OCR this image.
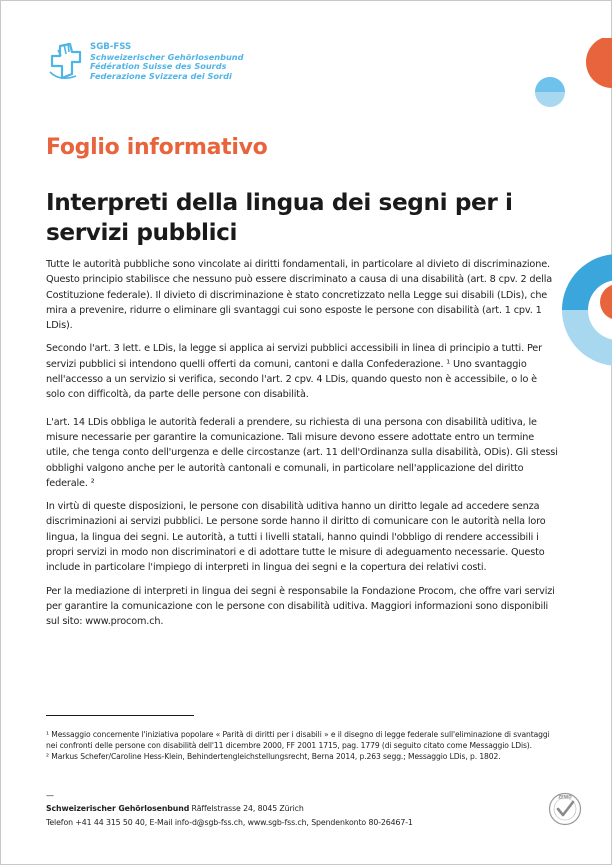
SGB-FSS
Schweizerischer Gehörlosenbund
Fédération Suisse des Sourds
Federazione Svizzera dei Sordi
Foglio informativo
Interpreti della lingua dei segni per i servizi pubblici

Tutte le autorità pubbliche sono vincolate ai diritti fondamentali, in particolare al divieto di discriminazione. Questo principio stabilisce che nessuno può essere discriminato a causa di una disabilità (art. 8 cpv. 2 della Costituzione federale). Il divieto di discriminazione è stato concretizzato nella Legge sui disabili (LDis), che mira a prevenire, ridurre o eliminare gli svantaggi cui sono esposte le persone con disabilità (art. 1 cpv. 1 LDis).

Secondo l'art. 3 lett. e LDis, la legge si applica ai servizi pubblici accessibili in linea di principio a tutti. Per servizi pubblici si intendono quelli offerti da comuni, cantoni e dalla Confederazione. ¹ Uno svantaggio nell'accesso a un servizio si verifica, secondo l'art. 2 cpv. 4 LDis, quando questo non è accessibile, o lo è solo con difficoltà, da parte delle persone con disabilità.

L'art. 14 LDis obbliga le autorità federali a prendere, su richiesta di una persona con disabilità uditiva, le misure necessarie per garantire la comunicazione. Tali misure devono essere adottate entro un termine utile, che tenga conto dell'urgenza e delle circostanze (art. 11 dell'Ordinanza sulla disabilità, ODis). Gli stessi obblighi valgono anche per le autorità cantonali e comunali, in particolare nell'applicazione del diritto federale. ²

In virtù di queste disposizioni, le persone con disabilità uditiva hanno un diritto legale ad accedere senza discriminazioni ai servizi pubblici. Le persone sorde hanno il diritto di comunicare con le autorità nella loro lingua, la lingua dei segni. Le autorità, a tutti i livelli statali, hanno quindi l'obbligo di rendere accessibili i propri servizi in modo non discriminatori e di adottare tutte le misure di adeguamento necessarie. Questo include in particolare l'impiego di interpreti in lingua dei segni e la copertura dei relativi costi.

Per la mediazione di interpreti in lingua dei segni è responsabile la Fondazione Procom, che offre vari servizi per garantire la comunicazione con le persone con disabilità uditiva. Maggiori informazioni sono disponibili sul sito: www.procom.ch.

¹ Messaggio concernente l'iniziativa popolare « Parità di diritti per i disabili » e il disegno di legge federale sull'eliminazione di svantaggi nei confronti delle persone con disabilità dell'11 dicembre 2000, FF 2001 1715, pag. 1779 (di seguito citato come Messaggio LDis).

² Markus Schefer/Caroline Hess-Klein, Behindertengleichstellungsrecht, Berna 2014, p.263 segg.; Messaggio LDis, p. 1802.

—
Schweizerischer Gehörlosenbund Räffelstrasse 24, 8045 Zürich
Telefon +41 44 315 50 40, E-Mail info-d@sgb-fss.ch, www.sgb-fss.ch, Spendenkonto 80-26467-1
ZEWO
